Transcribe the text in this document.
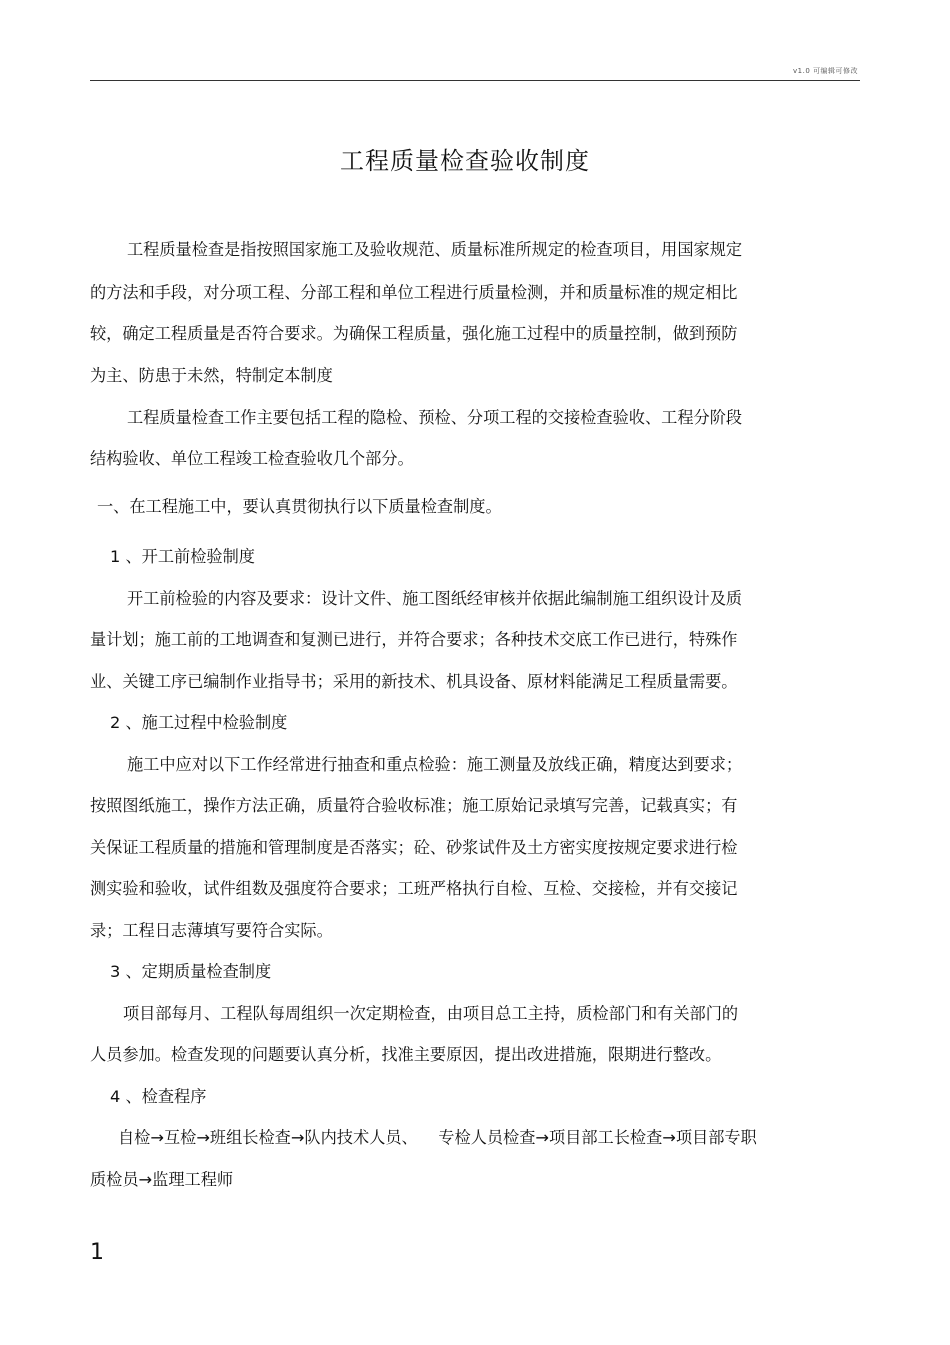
v1.0 可编辑可修改
工程质量检查验收制度
工程质量检查是指按照国家施工及验收规范、质量标准所规定的检查项目，用国家规定
的方法和手段，对分项工程、分部工程和单位工程进行质量检测，并和质量标准的规定相比
较，确定工程质量是否符合要求。为确保工程质量，强化施工过程中的质量控制，做到预防
为主、防患于未然，特制定本制度
工程质量检查工作主要包括工程的隐检、预检、分项工程的交接检查验收、工程分阶段
结构验收、单位工程竣工检查验收几个部分。
一、在工程施工中，要认真贯彻执行以下质量检查制度。
1 、开工前检验制度
开工前检验的内容及要求：设计文件、施工图纸经审核并依据此编制施工组织设计及质
量计划；施工前的工地调查和复测已进行，并符合要求；各种技术交底工作已进行，特殊作
业、关键工序已编制作业指导书；采用的新技术、机具设备、原材料能满足工程质量需要。
2 、施工过程中检验制度
施工中应对以下工作经常进行抽查和重点检验：施工测量及放线正确，精度达到要求；
按照图纸施工，操作方法正确，质量符合验收标准；施工原始记录填写完善，记载真实；有
关保证工程质量的措施和管理制度是否落实；砼、砂浆试件及土方密实度按规定要求进行检
测实验和验收，试件组数及强度符合要求；工班严格执行自检、互检、交接检，并有交接记
录；工程日志薄填写要符合实际。
3 、定期质量检查制度
项目部每月、工程队每周组织一次定期检查，由项目总工主持，质检部门和有关部门的
人员参加。检查发现的问题要认真分析，找准主要原因，提出改进措施，限期进行整改。
4 、检查程序
自检→互检→班组长检查→队内技术人员、    专检人员检查→项目部工长检查→项目部专职
质检员→监理工程师
1
